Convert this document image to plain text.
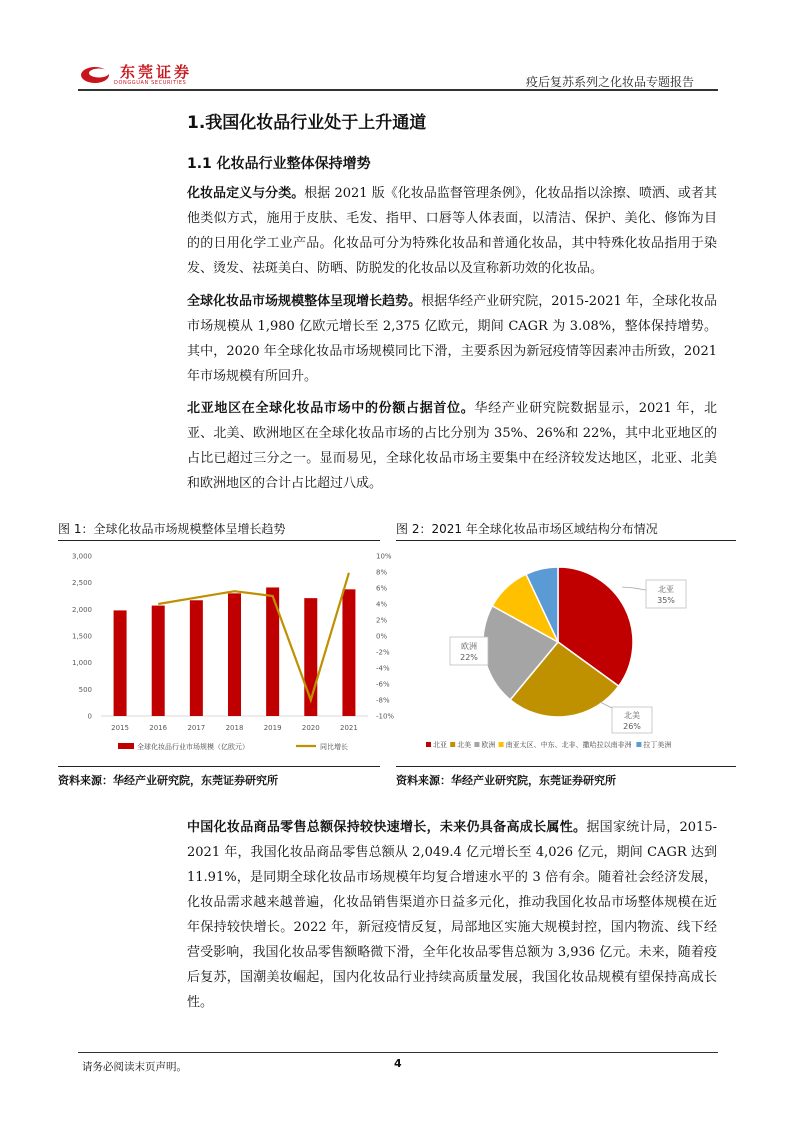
东莞证券
DONGGUAN SECURITIES	疫后复苏系列之化妆品专题报告
1.我国化妆品行业处于上升通道
1.1 化妆品行业整体保持增势
化妆品定义与分类。根据 2021 版《化妆品监督管理条例》，化妆品指以涂擦、喷洒、或者其他类似方式，施用于皮肤、毛发、指甲、口唇等人体表面，以清洁、保护、美化、修饰为目的的日用化学工业产品。化妆品可分为特殊化妆品和普通化妆品，其中特殊化妆品指用于染发、烫发、祛斑美白、防晒、防脱发的化妆品以及宣称新功效的化妆品。
全球化妆品市场规模整体呈现增长趋势。根据华经产业研究院，2015-2021 年，全球化妆品市场规模从 1,980 亿欧元增长至 2,375 亿欧元，期间 CAGR 为 3.08%，整体保持增势。其中，2020 年全球化妆品市场规模同比下滑，主要系因为新冠疫情等因素冲击所致，2021 年市场规模有所回升。
北亚地区在全球化妆品市场中的份额占据首位。华经产业研究院数据显示，2021 年，北亚、北美、欧洲地区在全球化妆品市场的占比分别为 35%、26%和 22%，其中北亚地区的占比已超过三分之一。显而易见，全球化妆品市场主要集中在经济较发达地区，北亚、北美和欧洲地区的合计占比超过八成。
图 1：全球化妆品市场规模整体呈增长趋势	图 2：2021 年全球化妆品市场区域结构分布情况
0
500
1,000
1,500
2,000
2,500
3,000
-10%
-8%
-6%
-4%
-2%
0%
2%
4%
6%
8%
10%
2015	2016	2017	2018	2019	2020	2021
全球化妆品行业市场规模（亿欧元）	同比增长
北亚
35%
北美
26%
欧洲
22%
北亚 北美 欧洲 南亚太区、中东、北非、撒哈拉以南非洲 拉丁美洲
资料来源：华经产业研究院，东莞证券研究所	资料来源：华经产业研究院，东莞证券研究所
中国化妆品商品零售总额保持较快速增长，未来仍具备高成长属性。据国家统计局，2015-2021 年，我国化妆品商品零售总额从 2,049.4 亿元增长至 4,026 亿元，期间 CAGR 达到 11.91%，是同期全球化妆品市场规模年均复合增速水平的 3 倍有余。随着社会经济发展，化妆品需求越来越普遍，化妆品销售渠道亦日益多元化，推动我国化妆品市场整体规模在近年保持较快增长。2022 年，新冠疫情反复，局部地区实施大规模封控，国内物流、线下经营受影响，我国化妆品零售额略微下滑，全年化妆品零售总额为 3,936 亿元。未来，随着疫后复苏，国潮美妆崛起，国内化妆品行业持续高质量发展，我国化妆品规模有望保持高成长性。
请务必阅读末页声明。	4
